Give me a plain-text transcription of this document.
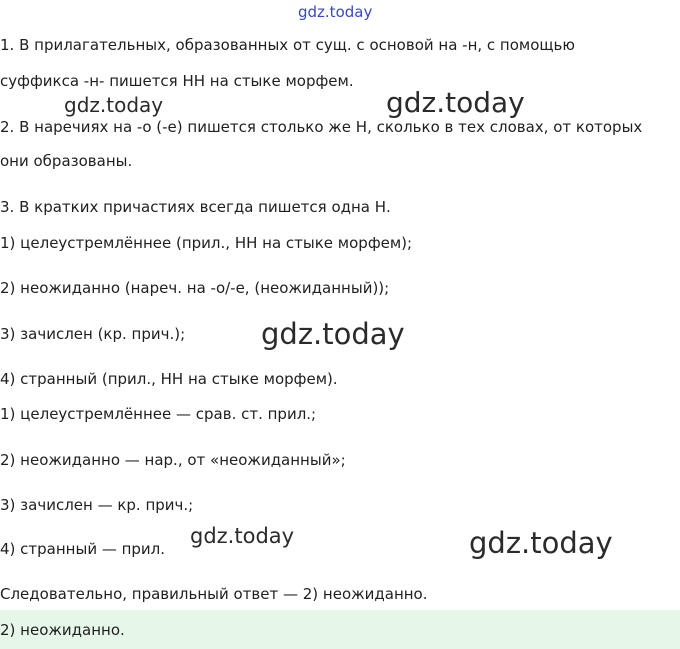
gdz.today
gdz.today	gdz.today
gdz.today
gdz.today	gdz.today

1. В прилагательных, образованных от сущ. с основой на -н, с помощью

суффикса -н- пишется НН на стыке морфем.

2. В наречиях на -о (-е) пишется столько же Н, сколько в тех словах, от которых

они образованы.

3. В кратких причастиях всегда пишется одна Н.

1) целеустремлённее (прил., НН на стыке морфем);

2) неожиданно (нареч. на -о/-е, (неожиданный));

3) зачислен (кр. прич.);

4) странный (прил., НН на стыке морфем).

1) целеустремлённее — срав. ст. прил.;

2) неожиданно — нар., от «неожиданный»;

3) зачислен — кр. прич.;

4) странный — прил.

Следовательно, правильный ответ — 2) неожиданно.

2) неожиданно.
